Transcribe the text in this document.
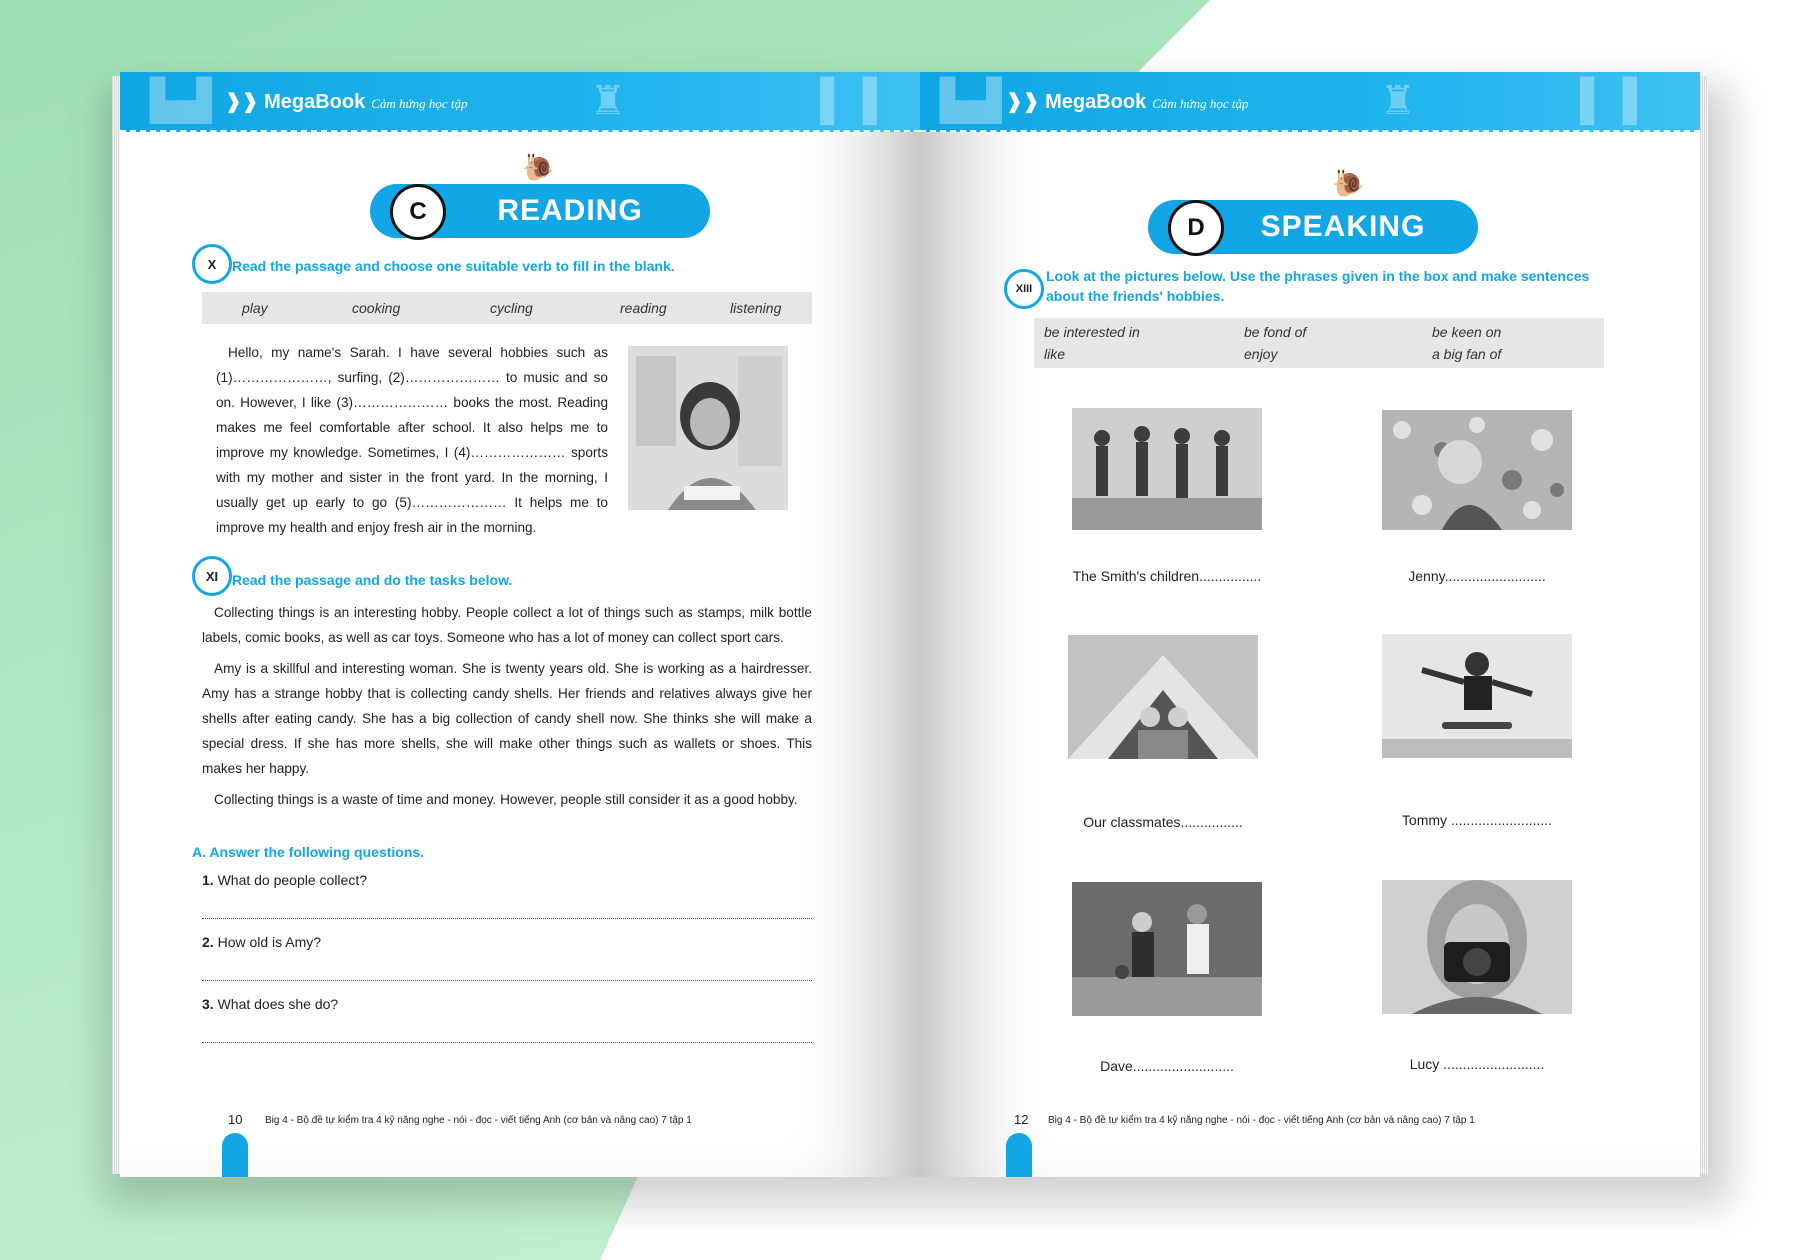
▙▟	♜	▌▐
❱❱ MegaBook Cảm hứng học tập
READING
C
🐌
X	Read the passage and choose one suitable verb to fill in the blank.
play	cooking	cycling	reading	listening

Hello, my name's Sarah. I have several hobbies such as (1)…………………, surfing, (2)………………… to music and so on. However, I like (3)………………… books the most. Reading makes me feel comfortable after school. It also helps me to improve my knowledge. Sometimes, I (4)………………… sports with my mother and sister in the front yard. In the morning, I usually get up early to go (5)………………… It helps me to improve my health and enjoy fresh air in the morning.

XI Read the passage and do the tasks below.

Collecting things is an interesting hobby. People collect a lot of things such as stamps, milk bottle labels, comic books, as well as car toys. Someone who has a lot of money can collect sport cars.

Amy is a skillful and interesting woman. She is twenty years old. She is working as a hairdresser. Amy has a strange hobby that is collecting candy shells. Her friends and relatives always give her shells after eating candy. She has a big collection of candy shell now. She thinks she will make a special dress. If she has more shells, she will make other things such as wallets or shoes. This makes her happy.

Collecting things is a waste of time and money. However, people still consider it as a good hobby.

A. Answer the following questions.
1. What do people collect?
2. How old is Amy?
3. What does she do?
10 Big 4 - Bộ đề tự kiểm tra 4 kỹ năng nghe - nói - đọc - viết tiếng Anh (cơ bản và nâng cao) 7 tập 1
▙▟	♜	▌▐
❱❱ MegaBook Cảm hứng học tập
SPEAKING
D
🐌
XIII
Look at the pictures below. Use the phrases given in the box and make sentences
about the friends' hobbies.
be interested in	be fond of	be keen on
like	enjoy	a big fan of
The Smith's children................	Jenny..........................
Our classmates................	Tommy ..........................
Dave..........................	Lucy ..........................
12 Big 4 - Bộ đề tự kiểm tra 4 kỹ năng nghe - nói - đọc - viết tiếng Anh (cơ bản và nâng cao) 7 tập 1
